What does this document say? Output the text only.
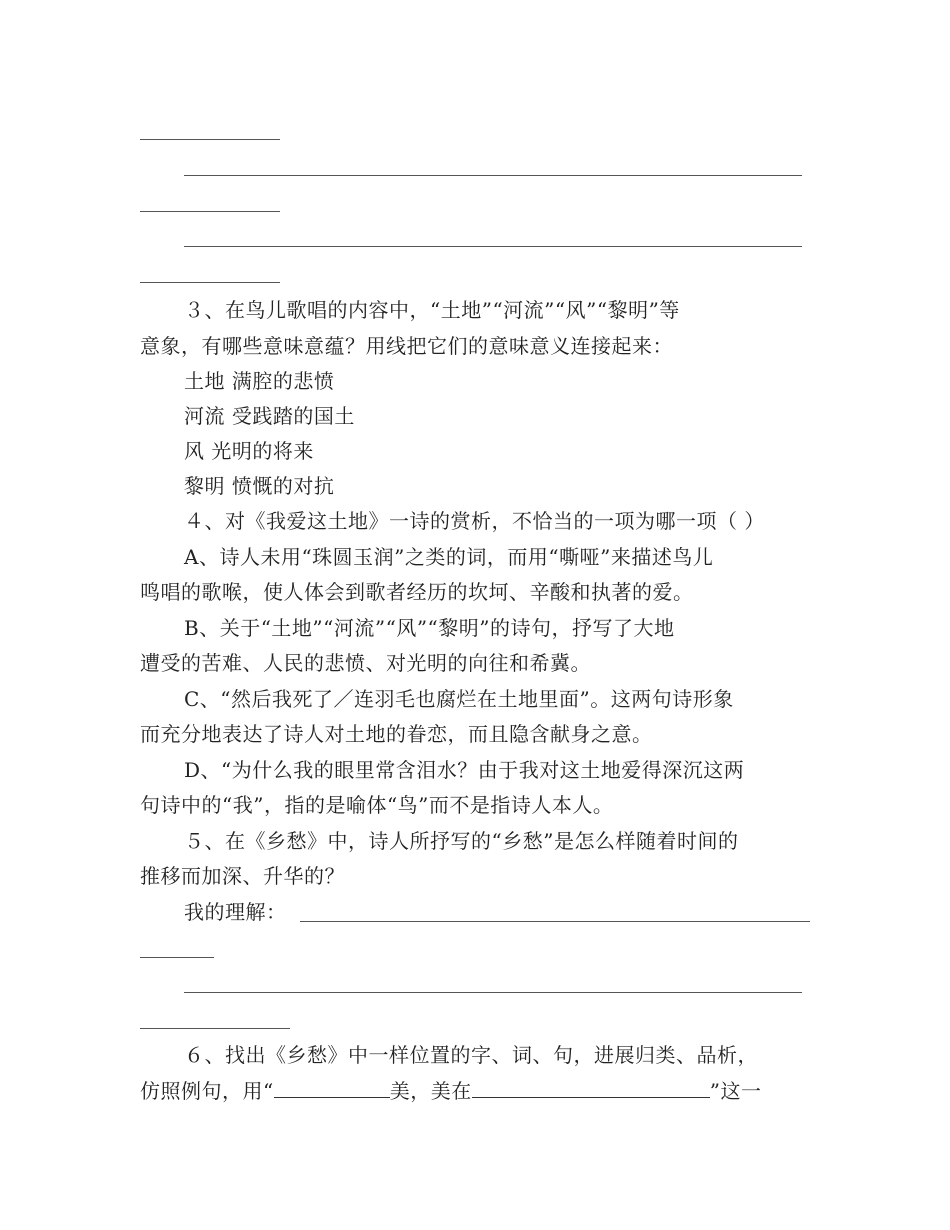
３、在鸟儿歌唱的内容中，“土地”“河流”“风”“黎明”等
意象，有哪些意味意蕴？用线把它们的意味意义连接起来：
土地 满腔的悲愤
河流 受践踏的国土
风 光明的将来
黎明 愤慨的对抗
４、对《我爱这土地》一诗的赏析，不恰当的一项为哪一项（ ）
A、诗人未用“珠圆玉润”之类的词，而用“嘶哑”来描述鸟儿
鸣唱的歌喉，使人体会到歌者经历的坎坷、辛酸和执著的爱。
B、关于“土地”“河流”“风”“黎明”的诗句，抒写了大地
遭受的苦难、人民的悲愤、对光明的向往和希冀。
C、“然后我死了／连羽毛也腐烂在土地里面”。这两句诗形象
而充分地表达了诗人对土地的眷恋，而且隐含献身之意。
D、“为什么我的眼里常含泪水？由于我对这土地爱得深沉这两
句诗中的“我”，指的是喻体“鸟”而不是指诗人本人。
５、在《乡愁》中，诗人所抒写的“乡愁”是怎么样随着时间的
推移而加深、升华的？
我的理解：
６、找出《乡愁》中一样位置的字、词、句，进展归类、品析，
仿照例句，用“	美，美在	”这一
